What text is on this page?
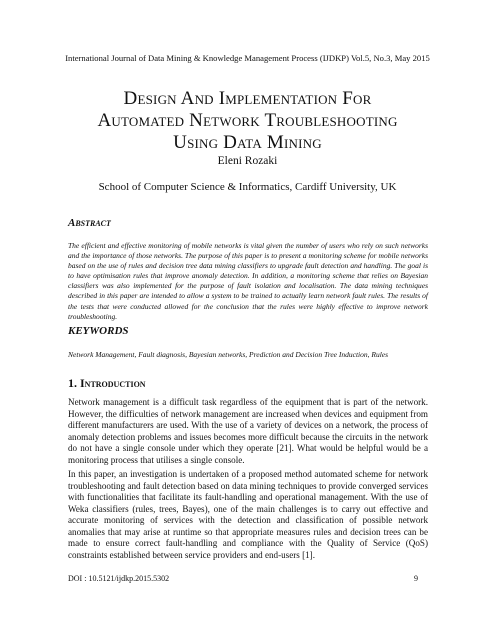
International Journal of Data Mining & Knowledge Management Process (IJDKP) Vol.5, No.3, May 2015
Design And Implementation For
Automated Network Troubleshooting
Using Data Mining
Eleni Rozaki
School of Computer Science & Informatics, Cardiff University, UK
Abstract
The efficient and effective monitoring of mobile networks is vital given the number of users who rely on such networks and the importance of those networks. The purpose of this paper is to present a monitoring scheme for mobile networks based on the use of rules and decision tree data mining classifiers to upgrade fault detection and handling. The goal is to have optimisation rules that improve anomaly detection. In addition, a monitoring scheme that relies on Bayesian classifiers was also implemented for the purpose of fault isolation and localisation. The data mining techniques described in this paper are intended to allow a system to be trained to actually learn network fault rules. The results of the tests that were conducted allowed for the conclusion that the rules were highly effective to improve network troubleshooting.
KEYWORDS
Network Management, Fault diagnosis, Bayesian networks, Prediction and Decision Tree Induction, Rules
1. Introduction
Network management is a difficult task regardless of the equipment that is part of the network. However, the difficulties of network management are increased when devices and equipment from different manufacturers are used. With the use of a variety of devices on a network, the process of anomaly detection problems and issues becomes more difficult because the circuits in the network do not have a single console under which they operate [21]. What would be helpful would be a monitoring process that utilises a single console.
In this paper, an investigation is undertaken of a proposed method automated scheme for network troubleshooting and fault detection based on data mining techniques to provide converged services with functionalities that facilitate its fault-handling and operational management. With the use of Weka classifiers (rules, trees, Bayes), one of the main challenges is to carry out effective and accurate monitoring of services with the detection and classification of possible network anomalies that may arise at runtime so that appropriate measures rules and decision trees can be made to ensure correct fault-handling and compliance with the Quality of Service (QoS) constraints established between service providers and end-users [1].
DOI : 10.5121/ijdkp.2015.5302	9
